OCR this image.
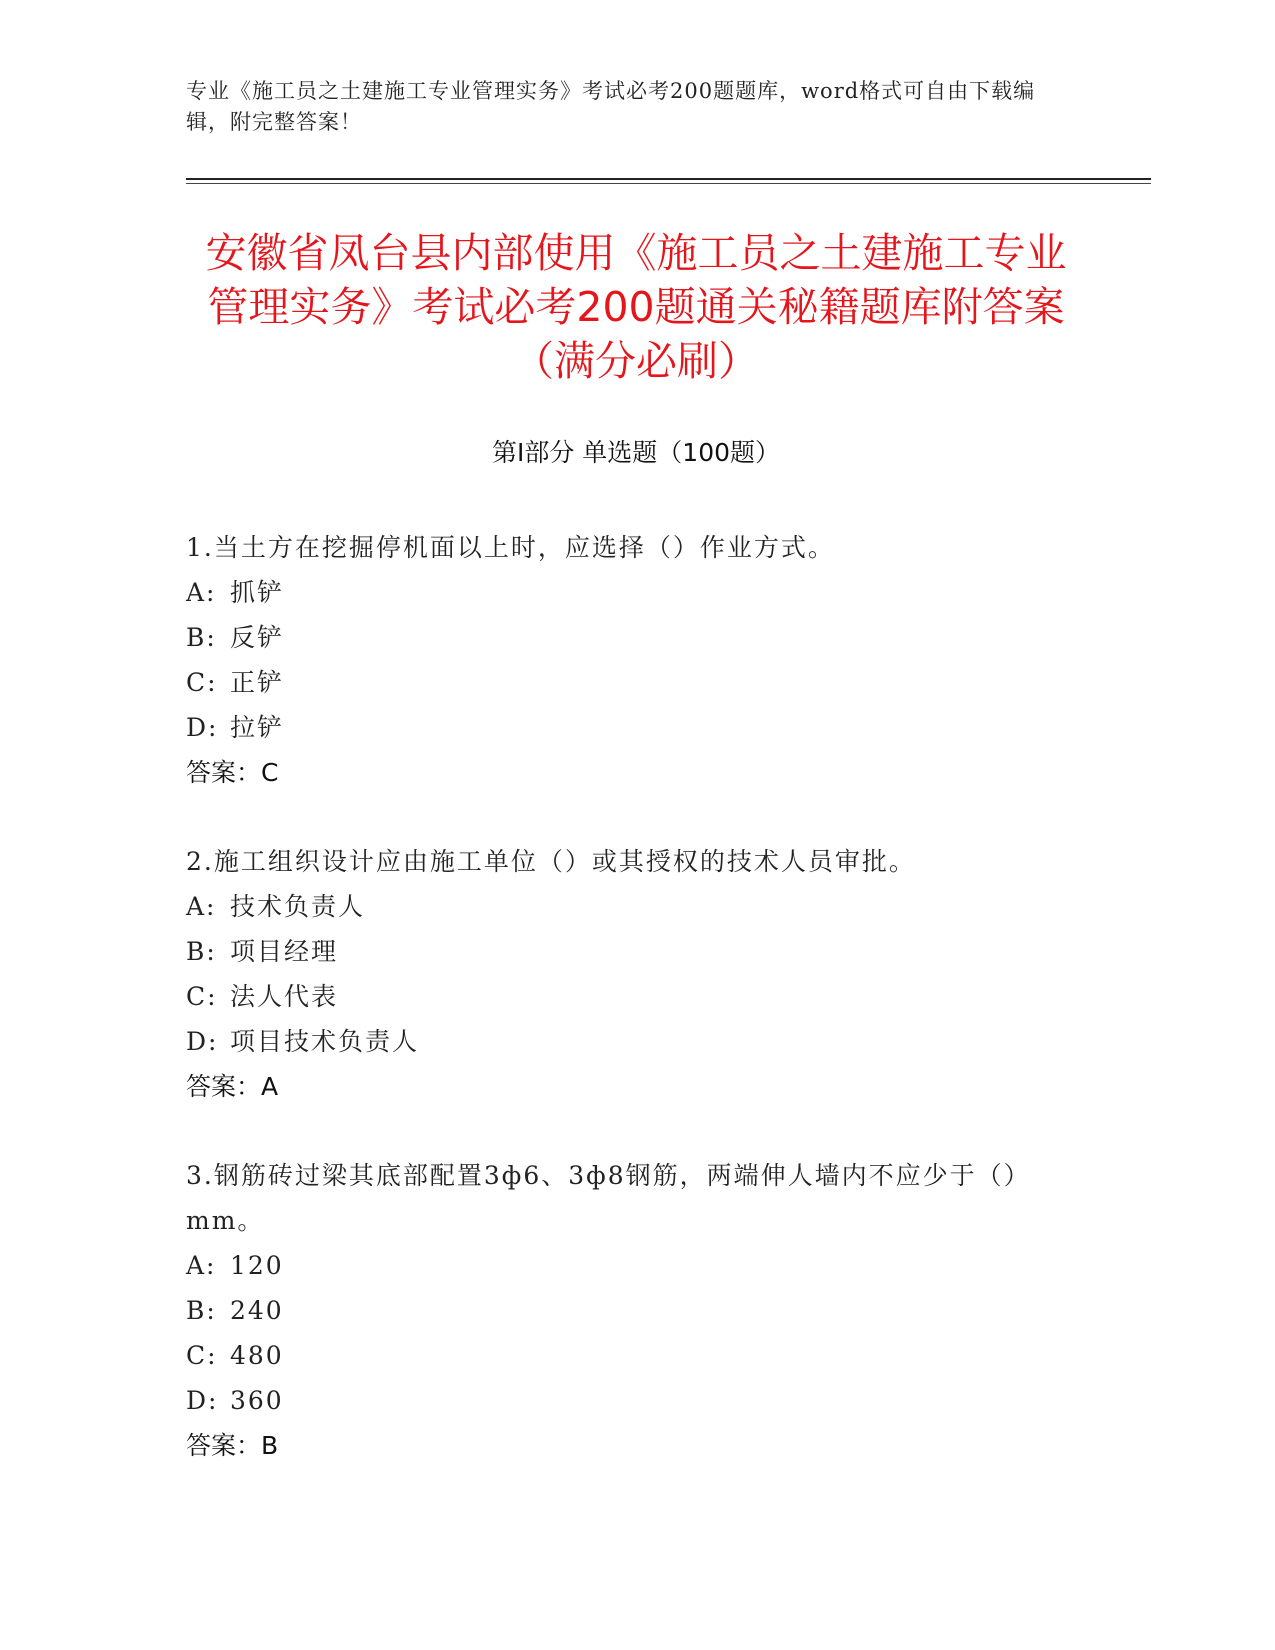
专业《施工员之土建施工专业管理实务》考试必考200题题库，word格式可自由下载编辑，附完整答案！

安徽省凤台县内部使用《施工员之土建施工专业管理实务》考试必考200题通关秘籍题库附答案（满分必刷）
第Ⅰ部分 单选题（100题）

1.当土方在挖掘停机面以上时，应选择（）作业方式。

A: 抓铲

B: 反铲

C: 正铲

D: 拉铲

答案：C

2.施工组织设计应由施工单位（）或其授权的技术人员审批。

A: 技术负责人

B: 项目经理

C: 法人代表

D: 项目技术负责人

答案：A

3.钢筋砖过梁其底部配置3ф6、3ф8钢筋，两端伸人墙内不应少于（）mm。

A: 120

B: 240

C: 480

D: 360

答案：B
